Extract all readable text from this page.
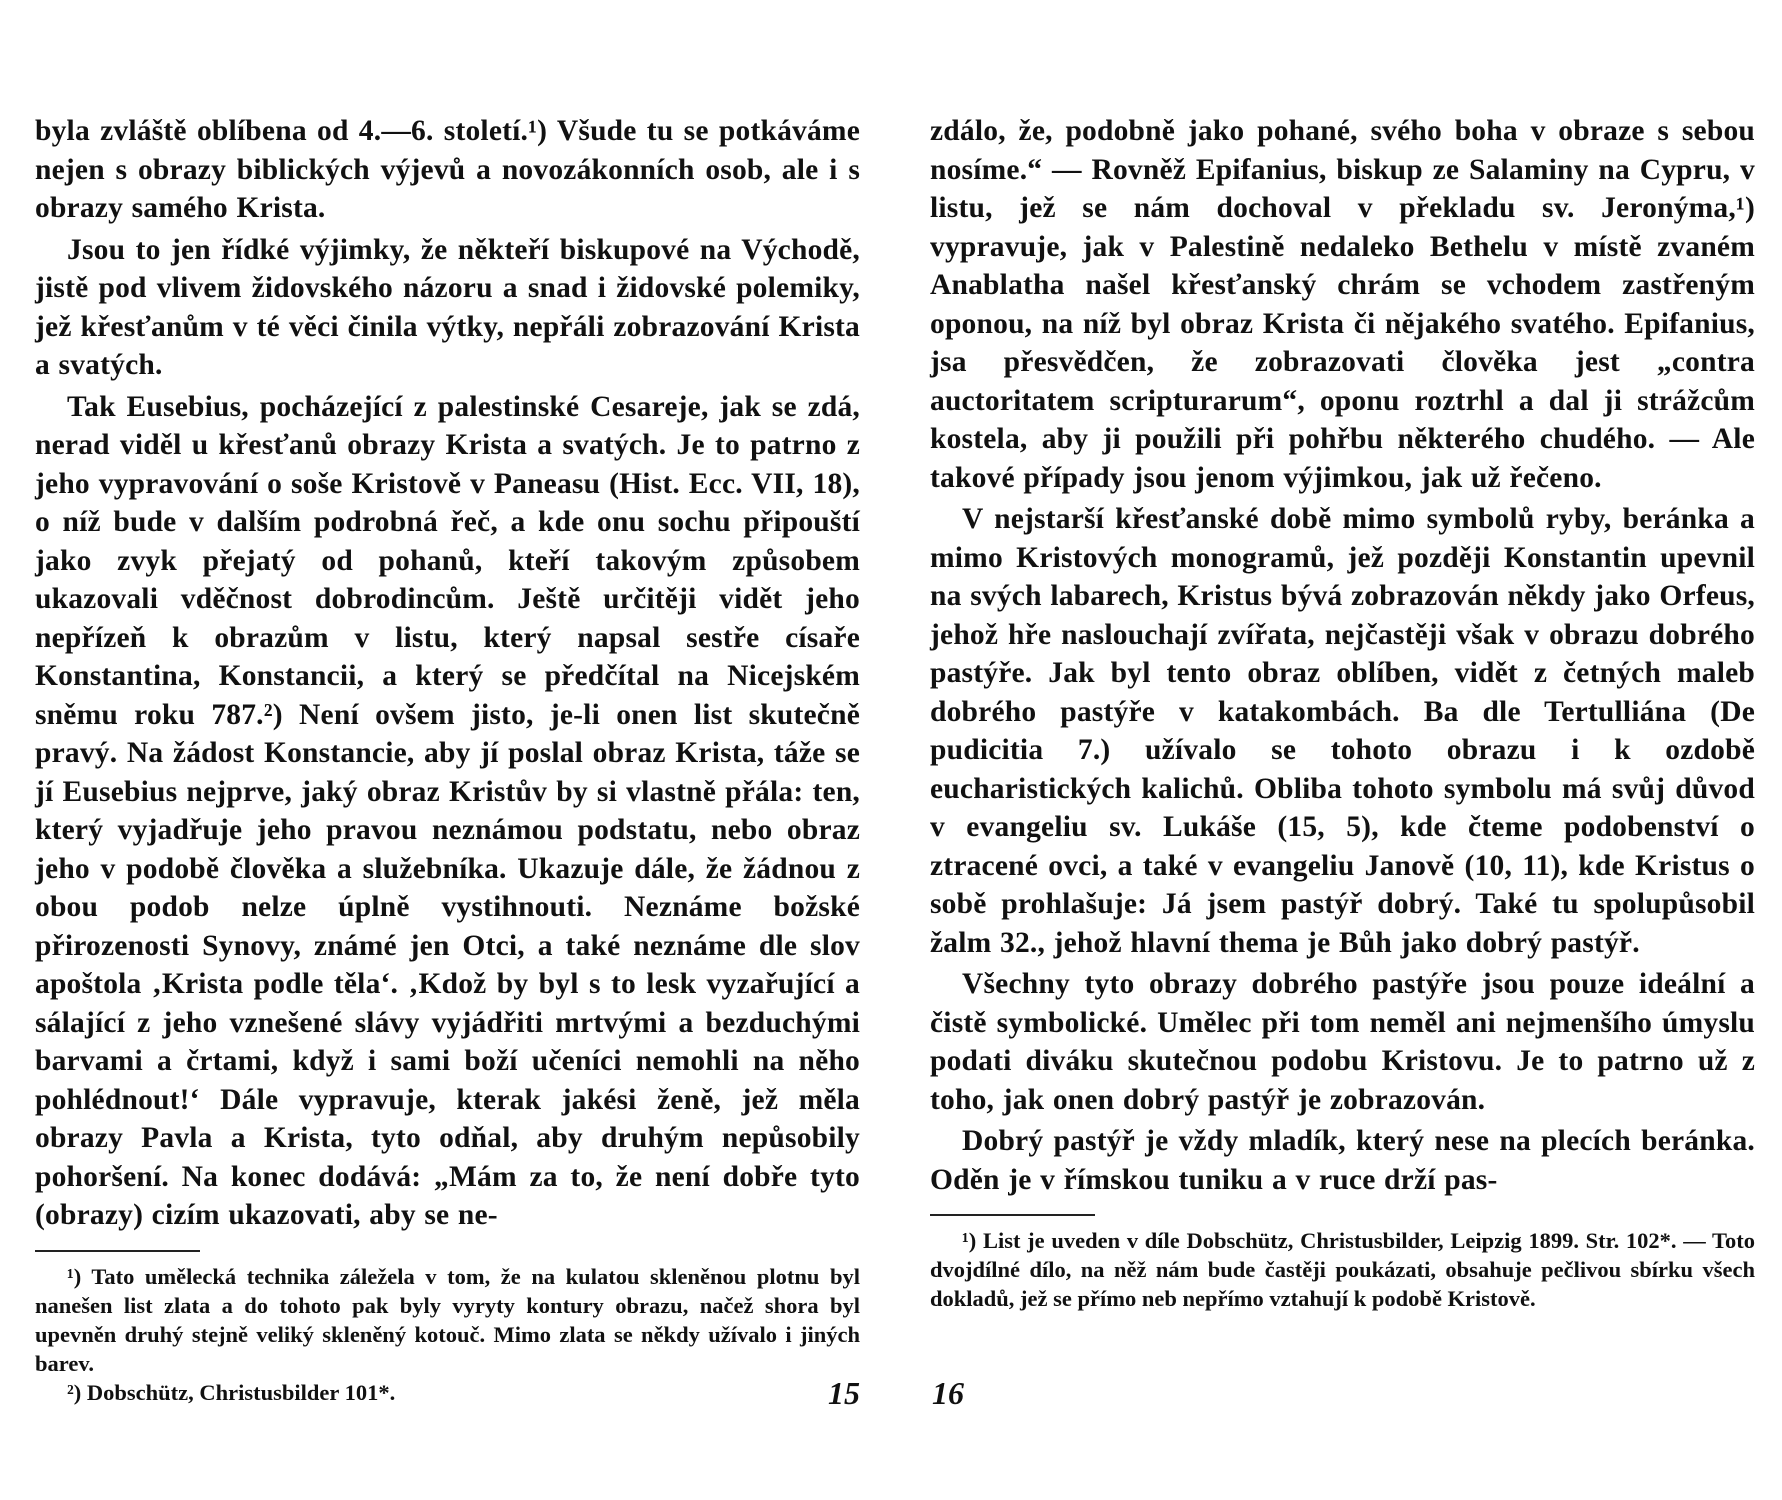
byla zvláště oblíbena od 4.—6. století.¹) Všude tu se potkáváme nejen s obrazy biblických výjevů a novozákonních osob, ale i s obrazy samého Krista.

Jsou to jen řídké výjimky, že někteří biskupové na Východě, jistě pod vlivem židovského názoru a snad i židovské polemiky, jež křesťanům v té věci činila výtky, nepřáli zobrazování Krista a svatých.

Tak Eusebius, pocházející z palestinské Cesareje, jak se zdá, nerad viděl u křesťanů obrazy Krista a svatých. Je to patrno z jeho vypravování o soše Kristově v Paneasu (Hist. Ecc. VII, 18), o níž bude v dalším podrobná řeč, a kde onu sochu připouští jako zvyk přejatý od pohanů, kteří takovým způsobem ukazovali vděčnost dobrodincům. Ještě určitěji vidět jeho nepřízeň k obrazům v listu, který napsal sestře císaře Konstantina, Konstancii, a který se předčítal na Nicejském sněmu roku 787.²) Není ovšem jisto, je-li onen list skutečně pravý. Na žádost Konstancie, aby jí poslal obraz Krista, táže se jí Eusebius nejprve, jaký obraz Kristův by si vlastně přála: ten, který vyjadřuje jeho pravou neznámou podstatu, nebo obraz jeho v podobě člověka a služebníka. Ukazuje dále, že žádnou z obou podob nelze úplně vystihnouti. Neznáme božské přirozenosti Synovy, známé jen Otci, a také neznáme dle slov apoštola ‚Krista podle těla‘. ‚Kdož by byl s to lesk vyzařující a sálající z jeho vznešené slávy vyjádřiti mrtvými a bezduchými barvami a črtami, když i sami boží učeníci nemohli na něho pohlédnout!‘ Dále vypravuje, kterak jakési ženě, jež měla obrazy Pavla a Krista, tyto odňal, aby druhým nepůsobily pohoršení. Na konec dodává: „Mám za to, že není dobře tyto (obrazy) cizím ukazovati, aby se ne-

¹) Tato umělecká technika záležela v tom, že na kulatou skleněnou plotnu byl nanešen list zlata a do tohoto pak byly vyryty kontury obrazu, načež shora byl upevněn druhý stejně veliký skleněný kotouč. Mimo zlata se někdy užívalo i jiných barev.

²) Dobschütz, Christusbilder 101*.

zdálo, že, podobně jako pohané, svého boha v obraze s sebou nosíme.“ — Rovněž Epifanius, biskup ze Salaminy na Cypru, v listu, jež se nám dochoval v překladu sv. Jeronýma,¹) vypravuje, jak v Palestině nedaleko Bethelu v místě zvaném Anablatha našel křesťanský chrám se vchodem zastřeným oponou, na níž byl obraz Krista či nějakého svatého. Epifanius, jsa přesvědčen, že zobrazovati člověka jest „contra auctoritatem scripturarum“, oponu roztrhl a dal ji strážcům kostela, aby ji použili při pohřbu některého chudého. — Ale takové případy jsou jenom výjimkou, jak už řečeno.

V nejstarší křesťanské době mimo symbolů ryby, beránka a mimo Kristových monogramů, jež později Konstantin upevnil na svých labarech, Kristus bývá zobrazován někdy jako Orfeus, jehož hře naslouchají zvířata, nejčastěji však v obrazu dobrého pastýře. Jak byl tento obraz oblíben, vidět z četných maleb dobrého pastýře v katakombách. Ba dle Tertulliána (De pudicitia 7.) užívalo se tohoto obrazu i k ozdobě eucharistických kalichů. Obliba tohoto symbolu má svůj důvod v evangeliu sv. Lukáše (15, 5), kde čteme podobenství o ztracené ovci, a také v evangeliu Janově (10, 11), kde Kristus o sobě prohlašuje: Já jsem pastýř dobrý. Také tu spolupůsobil žalm 32., jehož hlavní thema je Bůh jako dobrý pastýř.

Všechny tyto obrazy dobrého pastýře jsou pouze ideální a čistě symbolické. Umělec při tom neměl ani nejmenšího úmyslu podati diváku skutečnou podobu Kristovu. Je to patrno už z toho, jak onen dobrý pastýř je zobrazován.

Dobrý pastýř je vždy mladík, který nese na plecích beránka. Oděn je v římskou tuniku a v ruce drží pas-

¹) List je uveden v díle Dobschütz, Christusbilder, Leipzig 1899. Str. 102*. — Toto dvojdílné dílo, na něž nám bude častěji poukázati, obsahuje pečlivou sbírku všech dokladů, jež se přímo neb nepřímo vztahují k podobě Kristově.

15 16
